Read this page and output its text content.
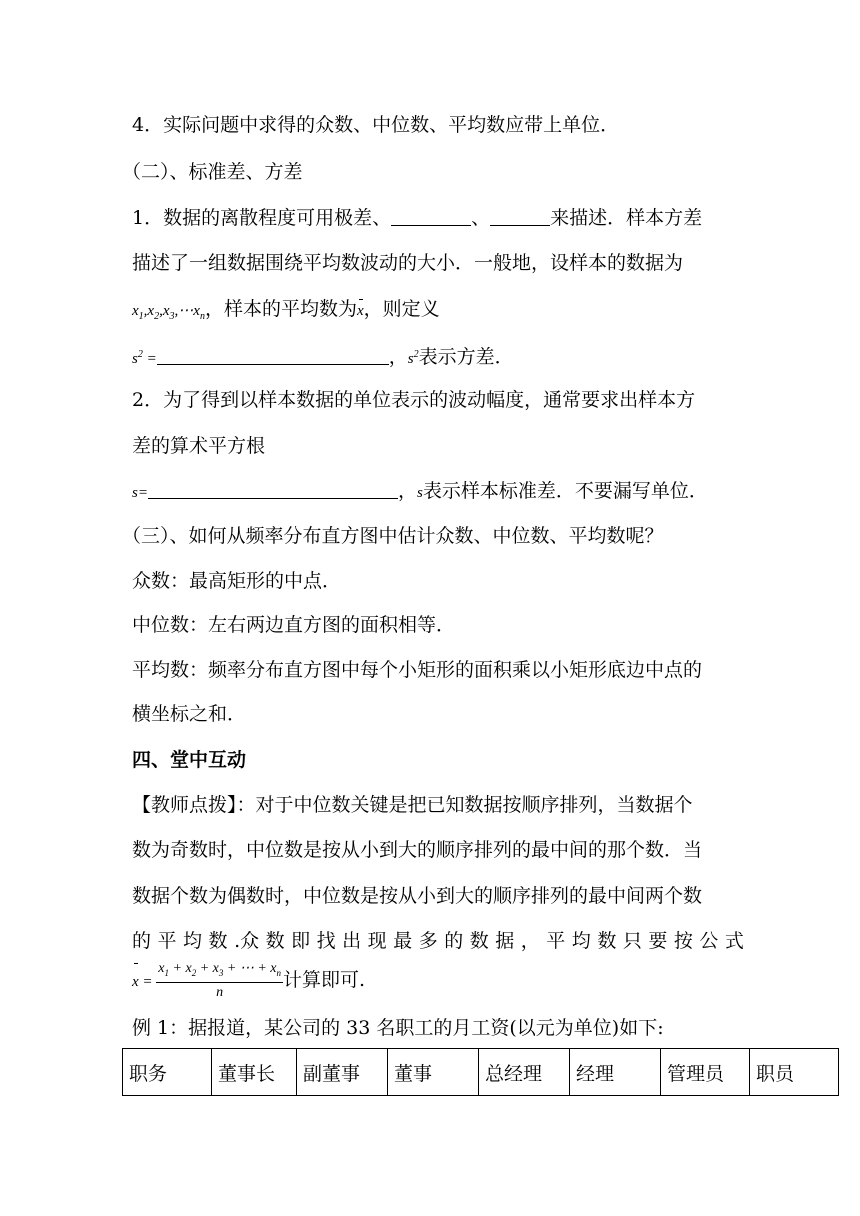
4．实际问题中求得的众数、中位数、平均数应带上单位．
（二）、标准差、方差
1．数据的离散程度可用极差、	、	来描述．样本方差
描述了一组数据围绕平均数波动的大小．一般地，设样本的数据为
$x_1,x_2,x_3,\cdots x_n$，样本的平均数为x，则定义
$s^2$ =	，$s^2$表示方差．
2．为了得到以样本数据的单位表示的波动幅度，通常要求出样本方
差的算术平方根
s=	，s表示样本标准差．不要漏写单位．
（三）、如何从频率分布直方图中估计众数、中位数、平均数呢？
众数：最高矩形的中点．
中位数：左右两边直方图的面积相等．
平均数：频率分布直方图中每个小矩形的面积乘以小矩形底边中点的
横坐标之和．
四、堂中互动
【教师点拨】：对于中位数关键是把已知数据按顺序排列，当数据个
数为奇数时，中位数是按从小到大的顺序排列的最中间的那个数．当
数据个数为偶数时，中位数是按从小到大的顺序排列的最中间两个数
的 平 均 数 .众 数 即 找 出 现 最 多 的 数 据 ， 平 均 数 只 要 按 公 式
$x = \frac{x_1 + x_2 + x_3 + \cdots + x_n}{n}$ 计算即可.
例 1：据报道，某公司的 33 名职工的月工资(以元为单位)如下:
职务	董事长	副董事	董事	总经理	经理	管理员	职员
